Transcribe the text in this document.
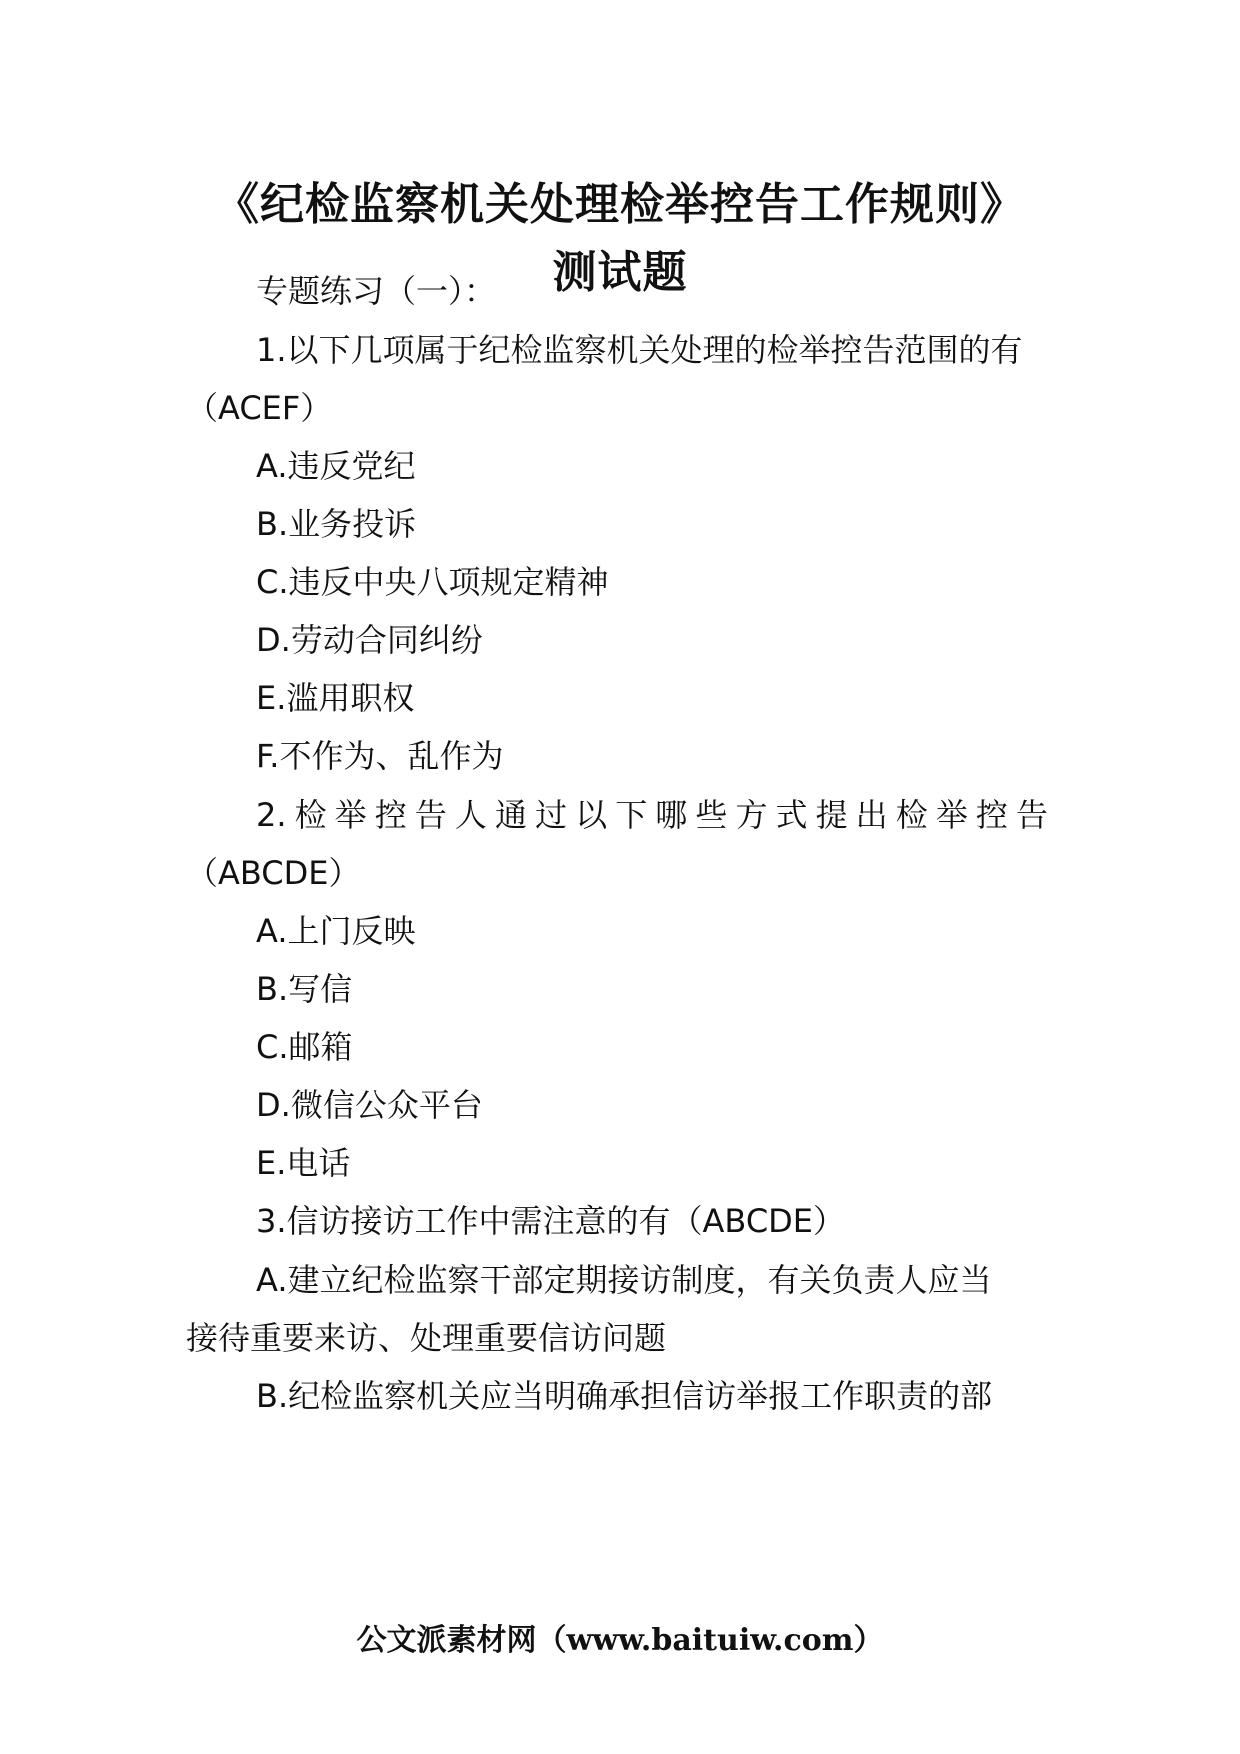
《纪检监察机关处理检举控告工作规则》
测试题
专题练习（一）：
1.以下几项属于纪检监察机关处理的检举控告范围的有
（ACEF）
A.违反党纪
B.业务投诉
C.违反中央八项规定精神
D.劳动合同纠纷
E.滥用职权
F.不作为、乱作为
2.检举控告人通过以下哪些方式提出检举控告
（ABCDE）
A.上门反映
B.写信
C.邮箱
D.微信公众平台
E.电话
3.信访接访工作中需注意的有（ABCDE）
A.建立纪检监察干部定期接访制度，有关负责人应当
接待重要来访、处理重要信访问题
B.纪检监察机关应当明确承担信访举报工作职责的部
公文派素材网（www.baituiw.com）
